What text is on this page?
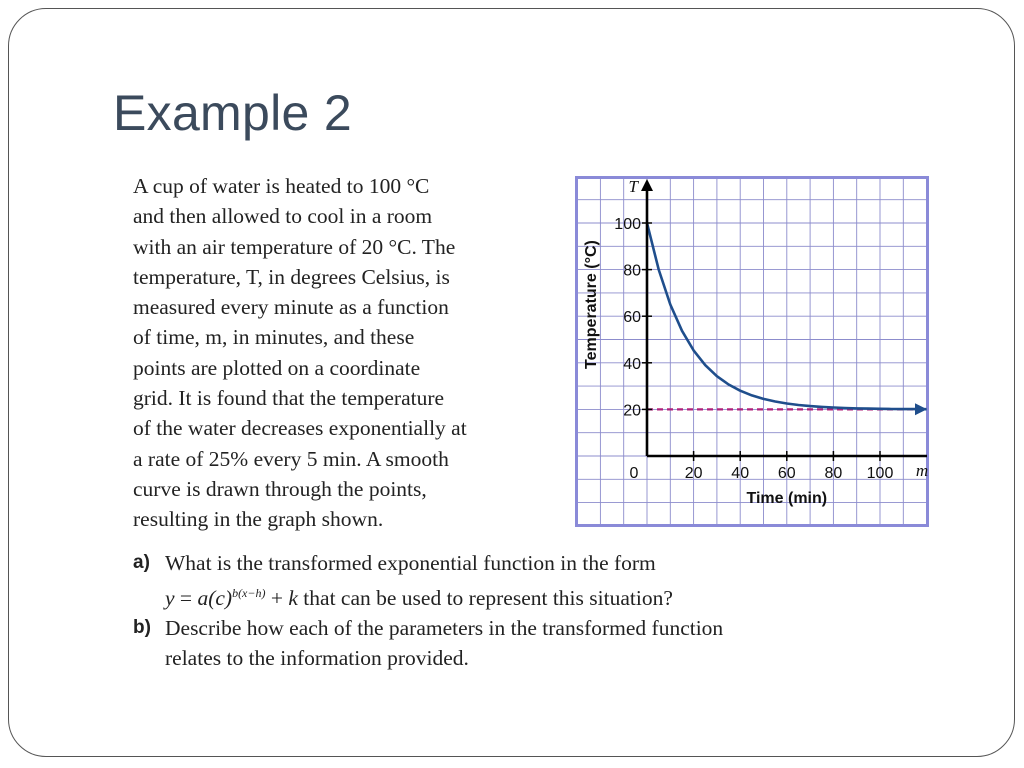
Example 2
A cup of water is heated to 100 °C
and then allowed to cool in a room
with an air temperature of 20 °C. The
temperature, T, in degrees Celsius, is
measured every minute as a function
of time, m, in minutes, and these
points are plotted on a coordinate
grid. It is found that the temperature
of the water decreases exponentially at
a rate of 25% every 5 min. A smooth
curve is drawn through the points,
resulting in the graph shown.
20
40
60
80
100
0	20 40 60 80 100
T
m
Time (min)
Temperature (°C)
a) What is the transformed exponential function in the form
$y = a(c)^{b(x-h)} + k$ that can be used to represent this situation?
b) Describe how each of the parameters in the transformed function
relates to the information provided.
